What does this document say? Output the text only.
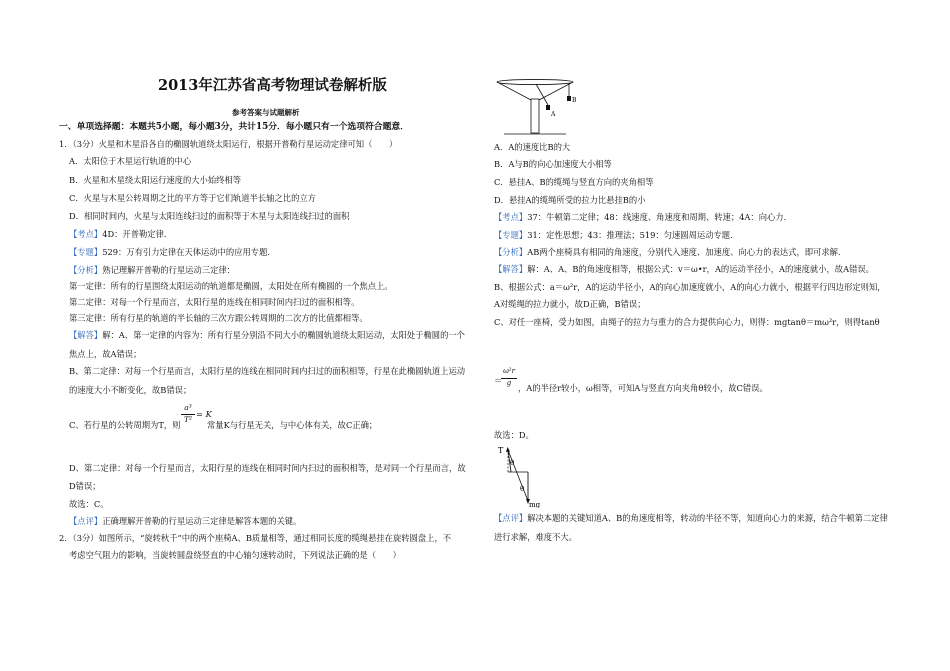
2013年江苏省高考物理试卷解析版
参考答案与试题解析
一、单项选择题：本题共5小题，每小题3分，共计15分．每小题只有一个选项符合题意．
1．（3分）火星和木星沿各自的椭圆轨道绕太阳运行，根据开普勒行星运动定律可知（　　）
A．太阳位于木星运行轨道的中心
B．火星和木星绕太阳运行速度的大小始终相等
C．火星与木星公转周期之比的平方等于它们轨道半长轴之比的立方
D．相同时间内，火星与太阳连线扫过的面积等于木星与太阳连线扫过的面积
【考点】4D：开普勒定律．
【专题】529：万有引力定律在天体运动中的应用专题．
【分析】熟记理解开普勒的行星运动三定律：
第一定律：所有的行星围绕太阳运动的轨道都是椭圆，太阳处在所有椭圆的一个焦点上。
第二定律：对每一个行星而言，太阳行星的连线在相同时间内扫过的面积相等。
第三定律：所有行星的轨道的半长轴的三次方跟公转周期的二次方的比值都相等。
【解答】解：A、第一定律的内容为：所有行星分别沿不同大小的椭圆轨道绕太阳运动，太阳处于椭圆的一个
焦点上，故A错误；
B、第二定律：对每一个行星而言，太阳行星的连线在相同时间内扫过的面积相等，行星在此椭圆轨道上运动
的速度大小不断变化，故B错误；
C、若行星的公转周期为T，则
a³
T²
= K
常量K与行星无关，与中心体有关，故C正确；
D、第二定律：对每一个行星而言，太阳行星的连线在相同时间内扫过的面积相等，是对同一个行星而言，故
D错误；
故选：C。
【点评】正确理解开普勒的行星运动三定律是解答本题的关键。
2．（3分）如图所示，“旋转秋千”中的两个座椅A、B质量相等，通过相同长度的缆绳悬挂在旋转圆盘上，不
考虑空气阻力的影响，当旋转圆盘绕竖直的中心轴匀速转动时，下列说法正确的是（　　）
A
B
A．A的速度比B的大
B．A与B的向心加速度大小相等
C．悬挂A、B的缆绳与竖直方向的夹角相等
D．悬挂A的缆绳所受的拉力比悬挂B的小
【考点】37：牛顿第二定律；48：线速度、角速度和周期、转速；4A：向心力．
【专题】31：定性思想；43：推理法；519：匀速圆周运动专题．
【分析】AB两个座椅具有相同的角速度，分别代入速度、加速度、向心力的表达式，即可求解．
【解答】解：A、A、B的角速度相等，根据公式：v＝ω•r，A的运动半径小，A的速度就小，故A错误。
B、根据公式：a＝ω²r，A的运动半径小，A的向心加速度就小，A的向心力就小，根据平行四边形定则知，
A对缆绳的拉力就小，故D正确，B错误；
C、对任一座椅，受力如图，由绳子的拉力与重力的合力提供向心力，则得：mgtanθ＝mω²r，则得tanθ
＝
ω²r
g ，A的半径r较小，ω相等，可知A与竖直方向夹角θ较小，故C错误。
故选：D。
T
θ
θ
mg
【点评】解决本题的关键知道A、B的角速度相等，转动的半径不等，知道向心力的来源，结合牛顿第二定律
进行求解，难度不大。
